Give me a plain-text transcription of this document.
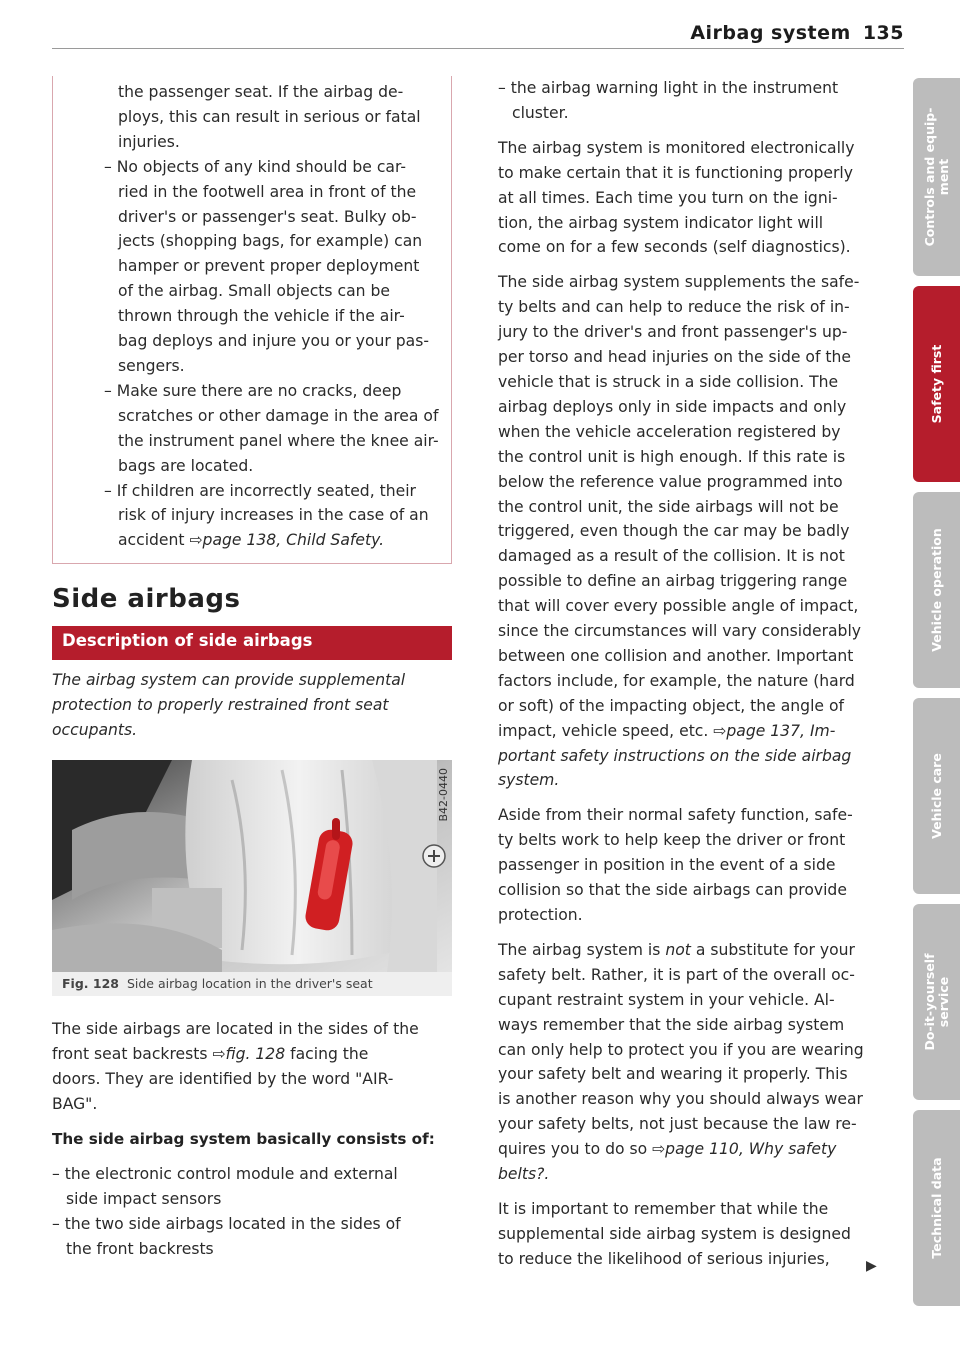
Airbag system 135

the passenger seat. If the airbag de-

ploys, this can result in serious or fatal

injuries.

– No objects of any kind should be car-

ried in the footwell area in front of the

driver's or passenger's seat. Bulky ob-

jects (shopping bags, for example) can

hamper or prevent proper deployment

of the airbag. Small objects can be

thrown through the vehicle if the air-

bag deploys and injure you or your pas-

sengers.

– Make sure there are no cracks, deep

scratches or other damage in the area of

the instrument panel where the knee air-

bags are located.

– If children are incorrectly seated, their

risk of injury increases in the case of an

accident ⇨page 138, Child Safety.

Side airbags
Description of side airbags

The airbag system can provide supplemental

protection to properly restrained front seat

occupants.

B42-0440
Fig. 128 Side airbag location in the driver's seat

The side airbags are located in the sides of the

front seat backrests ⇨fig. 128 facing the

doors. They are identified by the word "AIR-

BAG".

The side airbag system basically consists of:

– the electronic control module and external

side impact sensors

– the two side airbags located in the sides of

the front backrests

– the airbag warning light in the instrument

cluster.

The airbag system is monitored electronically

to make certain that it is functioning properly

at all times. Each time you turn on the igni-

tion, the airbag system indicator light will

come on for a few seconds (self diagnostics).

The side airbag system supplements the safe-

ty belts and can help to reduce the risk of in-

jury to the driver's and front passenger's up-

per torso and head injuries on the side of the

vehicle that is struck in a side collision. The

airbag deploys only in side impacts and only

when the vehicle acceleration registered by

the control unit is high enough. If this rate is

below the reference value programmed into

the control unit, the side airbags will not be

triggered, even though the car may be badly

damaged as a result of the collision. It is not

possible to define an airbag triggering range

that will cover every possible angle of impact,

since the circumstances will vary considerably

between one collision and another. Important

factors include, for example, the nature (hard

or soft) of the impacting object, the angle of

impact, vehicle speed, etc. ⇨page 137, Im-

portant safety instructions on the side airbag

system.

Aside from their normal safety function, safe-

ty belts work to help keep the driver or front

passenger in position in the event of a side

collision so that the side airbags can provide

protection.

The airbag system is not a substitute for your

safety belt. Rather, it is part of the overall oc-

cupant restraint system in your vehicle. Al-

ways remember that the side airbag system

can only help to protect you if you are wearing

your safety belt and wearing it properly. This

is another reason why you should always wear

your safety belts, not just because the law re-

quires you to do so ⇨page 110, Why safety

belts?.

It is important to remember that while the

supplemental side airbag system is designed

to reduce the likelihood of serious injuries,	▶
Controls and equip-
ment
Safety first
Vehicle operation
Vehicle care
Do-it-yourself
service
Technical data
